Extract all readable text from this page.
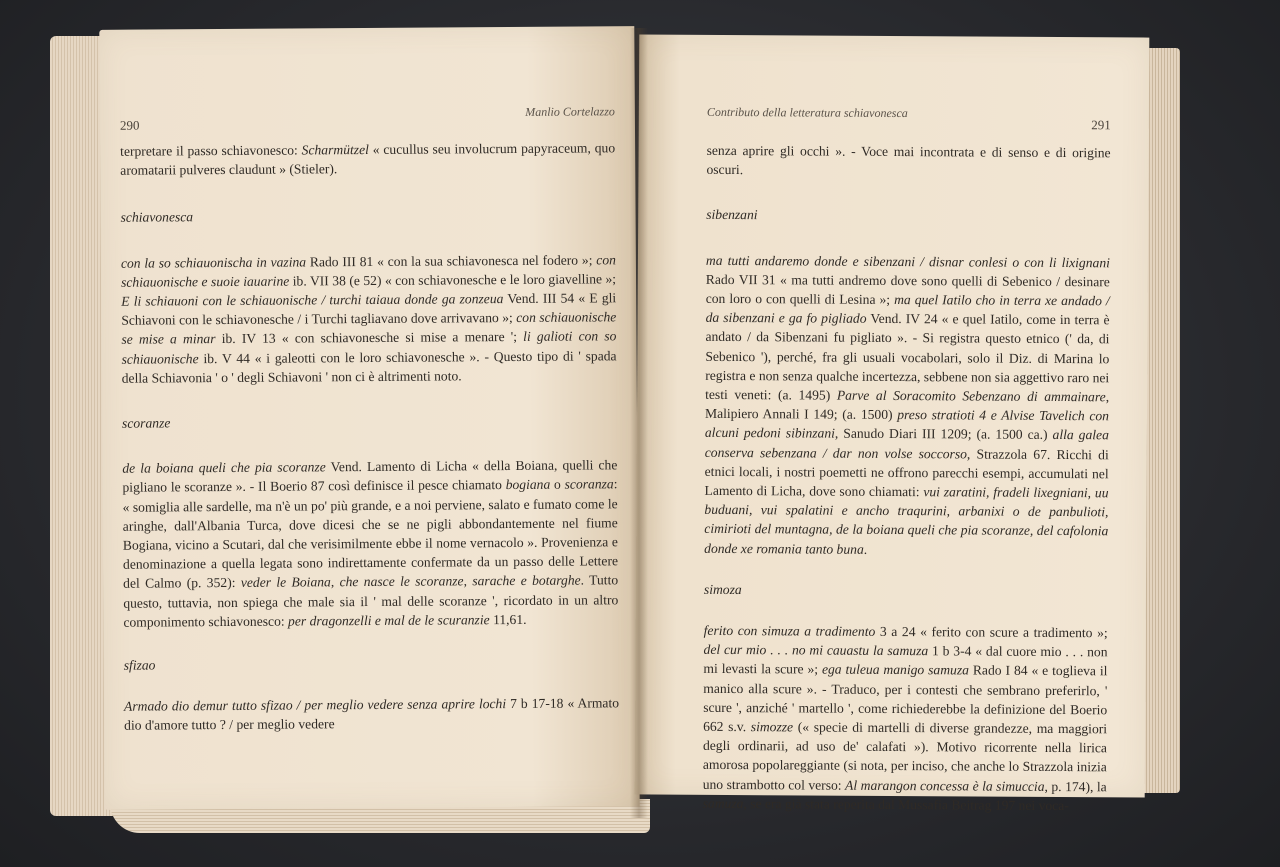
290
Manlio Cortelazzo

terpretare il passo schiavonesco: Scharmützel « cucullus seu involucrum papyraceum, quo aromatarii pulveres claudunt » (Stieler).

schiavonesca

con la so schiauonischa in vazina Rado III 81 « con la sua schiavonesca nel fodero »; con schiauonische e suoie iauarine ib. VII 38 (e 52) « con schiavonesche e le loro giavelline »; E li schiauoni con le schiauonische / turchi taiaua donde ga zonzeua Vend. III 54 « E gli Schiavoni con le schiavonesche / i Turchi tagliavano dove arrivavano »; con schiauonische se mise a minar ib. IV 13 « con schiavonesche si mise a menare '; li galioti con so schiauonische ib. V 44 « i galeotti con le loro schiavonesche ». - Questo tipo di ' spada della Schiavonia ' o ' degli Schiavoni ' non ci è altrimenti noto.

scoranze

de la boiana queli che pia scoranze Vend. Lamento di Licha « della Boiana, quelli che pigliano le scoranze ». - Il Boerio 87 così definisce il pesce chiamato bogiana o scoranza: « somiglia alle sardelle, ma n'è un po' più grande, e a noi perviene, salato e fumato come le aringhe, dall'Albania Turca, dove dicesi che se ne pigli abbondantemente nel fiume Bogiana, vicino a Scutari, dal che verisimilmente ebbe il nome vernacolo ». Provenienza e denominazione a quella legata sono indirettamente confermate da un passo delle Lettere del Calmo (p. 352): veder le Boiana, che nasce le scoranze, sarache e botarghe. Tutto questo, tuttavia, non spiega che male sia il ' mal delle scoranze ', ricordato in un altro componimento schiavonesco: per dragonzelli e mal de le scuranzie 11,61.

sfizao

Armado dio demur tutto sfizao / per meglio vedere senza aprire lochi 7 b 17-18 « Armato dio d'amore tutto ? / per meglio vedere

Contributo della letteratura schiavonesca
291

senza aprire gli occhi ». - Voce mai incontrata e di senso e di origine oscuri.

sibenzani

ma tutti andaremo donde e sibenzani / disnar conlesi o con li lixignani Rado VII 31 « ma tutti andremo dove sono quelli di Sebenico / desinare con loro o con quelli di Lesina »; ma quel Iatilo cho in terra xe andado / da sibenzani e ga fo pigliado Vend. IV 24 « e quel Iatilo, come in terra è andato / da Sibenzani fu pigliato ». - Si registra questo etnico (' da, di Sebenico '), perché, fra gli usuali vocabolari, solo il Diz. di Marina lo registra e non senza qualche incertezza, sebbene non sia aggettivo raro nei testi veneti: (a. 1495) Parve al Soracomito Sebenzano di ammainare, Malipiero Annali I 149; (a. 1500) preso stratioti 4 e Alvise Tavelich con alcuni pedoni sibinzani, Sanudo Diari III 1209; (a. 1500 ca.) alla galea conserva sebenzana / dar non volse soccorso, Strazzola 67. Ricchi di etnici locali, i nostri poemetti ne offrono parecchi esempi, accumulati nel Lamento di Licha, dove sono chiamati: vui zaratini, fradeli lixegniani, uu buduani, vui spalatini e ancho traqurini, arbanixi o de panbulioti, cimirioti del muntagna, de la boiana queli che pia scoranze, del cafolonia donde xe romania tanto buna.

simoza

ferito con simuza a tradimento 3 a 24 « ferito con scure a tradimento »; del cur mio . . . no mi cauastu la samuza 1 b 3-4 « dal cuore mio . . . non mi levasti la scure »; ega tuleua manigo samuza Rado I 84 « e toglieva il manico alla scure ». - Traduco, per i contesti che sembrano preferirlo, ' scure ', anziché ' martello ', come richiederebbe la definizione del Boerio 662 s.v. simozze (« specie di martelli di diverse grandezze, ma maggiori degli ordinarii, ad uso de' calafati »). Motivo ricorrente nella lirica amorosa popolareggiante (si nota, per inciso, che anche lo Strazzola inizia uno strambotto col verso: Al marangon concessa è la simuccia, p. 174), la samuza, se era già stata reperita dal Mussafia Beitrag 197 nei voca-
